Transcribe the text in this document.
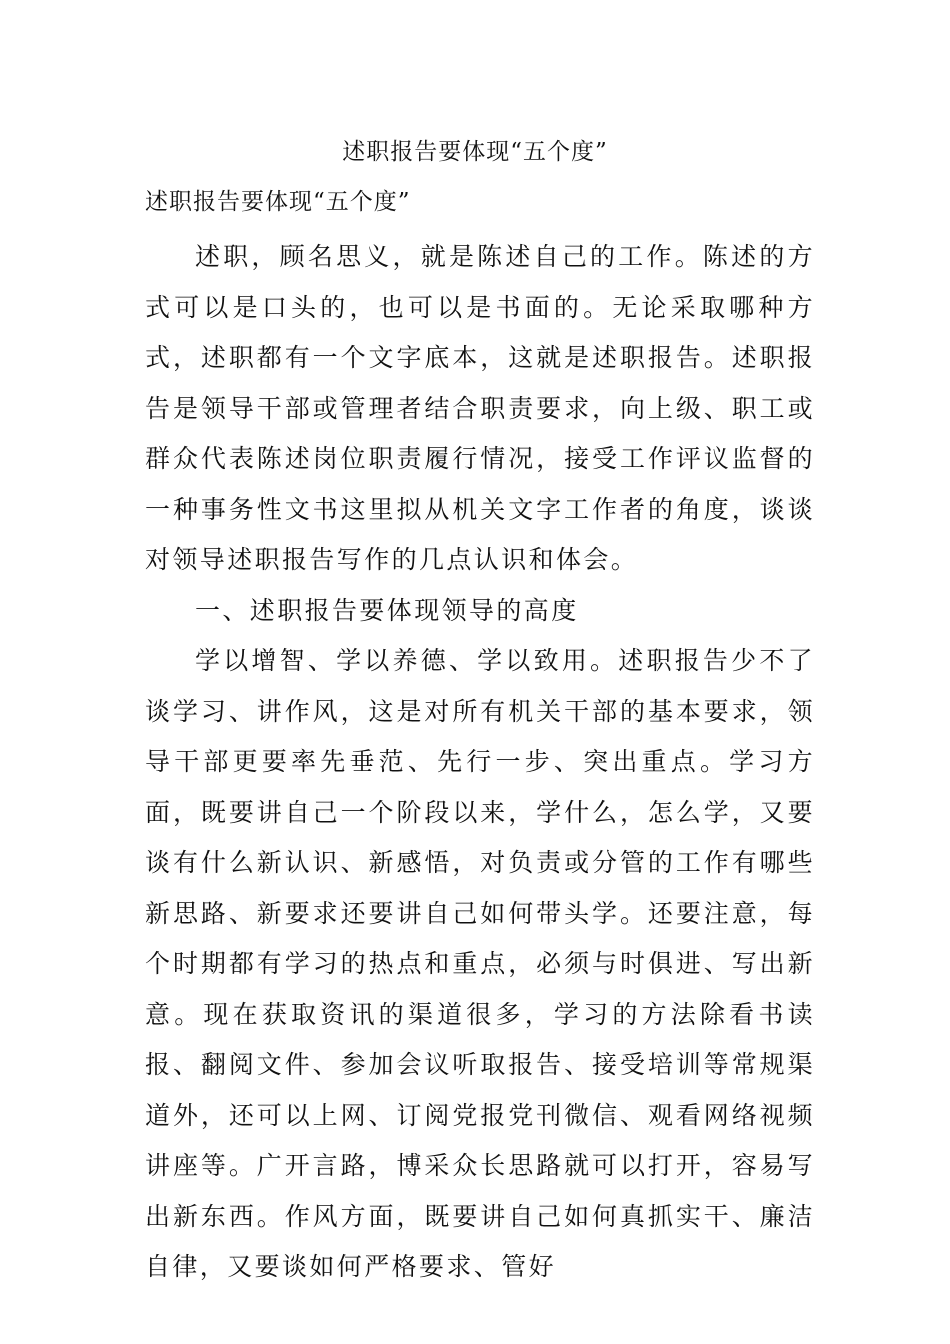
述职报告要体现“五个度”
述职报告要体现“五个度”

述职，顾名思义，就是陈述自己的工作。陈述的方式可以是口头的，也可以是书面的。无论采取哪种方式，述职都有一个文字底本，这就是述职报告。述职报告是领导干部或管理者结合职责要求，向上级、职工或群众代表陈述岗位职责履行情况，接受工作评议监督的一种事务性文书这里拟从机关文字工作者的角度，谈谈对领导述职报告写作的几点认识和体会。

一、述职报告要体现领导的高度

学以增智、学以养德、学以致用。述职报告少不了谈学习、讲作风，这是对所有机关干部的基本要求，领导干部更要率先垂范、先行一步、突出重点。学习方面，既要讲自己一个阶段以来，学什么，怎么学，又要谈有什么新认识、新感悟，对负责或分管的工作有哪些新思路、新要求还要讲自己如何带头学。还要注意，每个时期都有学习的热点和重点，必须与时俱进、写出新意。现在获取资讯的渠道很多，学习的方法除看书读报、翻阅文件、参加会议听取报告、接受培训等常规渠道外，还可以上网、订阅党报党刊微信、观看网络视频讲座等。广开言路，博采众长思路就可以打开，容易写出新东西。作风方面，既要讲自己如何真抓实干、廉洁自律，又要谈如何严格要求、管好
